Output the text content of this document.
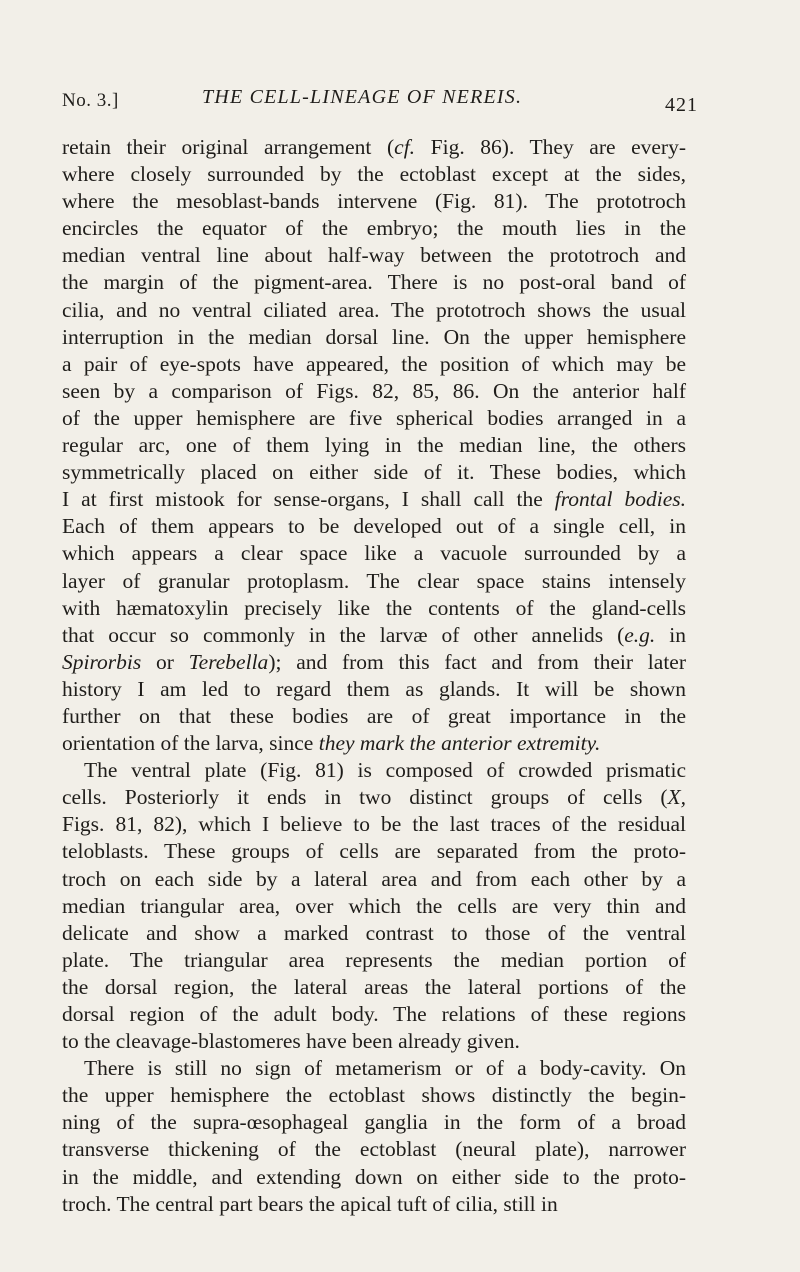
No. 3.]	THE CELL-LINEAGE OF NEREIS.	421
retain their original arrangement (cf. Fig. 86). They are every-
where closely surrounded by the ectoblast except at the sides,
where the mesoblast-bands intervene (Fig. 81). The prototroch
encircles the equator of the embryo; the mouth lies in the
median ventral line about half-way between the prototroch and
the margin of the pigment-area. There is no post-oral band of
cilia, and no ventral ciliated area. The prototroch shows the usual
interruption in the median dorsal line. On the upper hemisphere
a pair of eye-spots have appeared, the position of which may be
seen by a comparison of Figs. 82, 85, 86. On the anterior half
of the upper hemisphere are five spherical bodies arranged in a
regular arc, one of them lying in the median line, the others
symmetrically placed on either side of it. These bodies, which
I at first mistook for sense-organs, I shall call the frontal bodies.
Each of them appears to be developed out of a single cell, in
which appears a clear space like a vacuole surrounded by a
layer of granular protoplasm. The clear space stains intensely
with hæmatoxylin precisely like the contents of the gland-cells
that occur so commonly in the larvæ of other annelids (e.g. in
Spirorbis or Terebella); and from this fact and from their later
history I am led to regard them as glands. It will be shown
further on that these bodies are of great importance in the
orientation of the larva, since they mark the anterior extremity.
The ventral plate (Fig. 81) is composed of crowded prismatic
cells. Posteriorly it ends in two distinct groups of cells (X,
Figs. 81, 82), which I believe to be the last traces of the residual
teloblasts. These groups of cells are separated from the proto-
troch on each side by a lateral area and from each other by a
median triangular area, over which the cells are very thin and
delicate and show a marked contrast to those of the ventral
plate. The triangular area represents the median portion of
the dorsal region, the lateral areas the lateral portions of the
dorsal region of the adult body. The relations of these regions
to the cleavage-blastomeres have been already given.
There is still no sign of metamerism or of a body-cavity. On
the upper hemisphere the ectoblast shows distinctly the begin-
ning of the supra-œsophageal ganglia in the form of a broad
transverse thickening of the ectoblast (neural plate), narrower
in the middle, and extending down on either side to the proto-
troch. The central part bears the apical tuft of cilia, still in
